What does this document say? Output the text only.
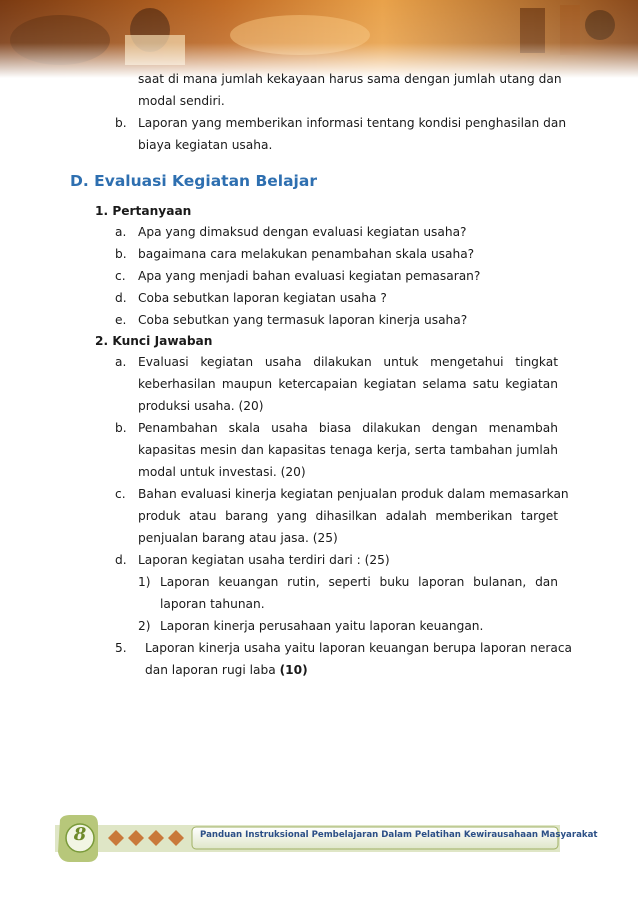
saat di mana jumlah kekayaan harus sama dengan jumlah utang dan
modal sendiri.
b. Laporan yang memberikan informasi tentang kondisi penghasilan dan
biaya kegiatan usaha.
D. Evaluasi Kegiatan Belajar
1. Pertanyaan
a. Apa yang dimaksud dengan evaluasi kegiatan usaha?
b. bagaimana cara melakukan penambahan skala usaha?
c. Apa yang menjadi bahan evaluasi kegiatan pemasaran?
d. Coba sebutkan laporan kegiatan usaha ?
e. Coba sebutkan yang termasuk laporan kinerja usaha?
2. Kunci Jawaban
a. Evaluasi kegiatan usaha dilakukan untuk mengetahui tingkat
keberhasilan maupun ketercapaian kegiatan selama satu kegiatan
produksi usaha. (20)
b. Penambahan skala usaha biasa dilakukan dengan menambah
kapasitas mesin dan kapasitas tenaga kerja, serta tambahan jumlah
modal untuk investasi. (20)
c. Bahan evaluasi kinerja kegiatan penjualan produk dalam memasarkan
produk atau barang yang dihasilkan adalah memberikan target
penjualan barang atau jasa. (25)
d. Laporan kegiatan usaha terdiri dari : (25)
1) Laporan keuangan rutin, seperti buku laporan bulanan, dan
laporan tahunan.
2) Laporan kinerja perusahaan yaitu laporan keuangan.
5. Laporan kinerja usaha yaitu laporan keuangan berupa laporan neraca
dan laporan rugi laba (10)
8	Panduan Instruksional Pembelajaran Dalam Pelatihan Kewirausahaan Masyarakat
